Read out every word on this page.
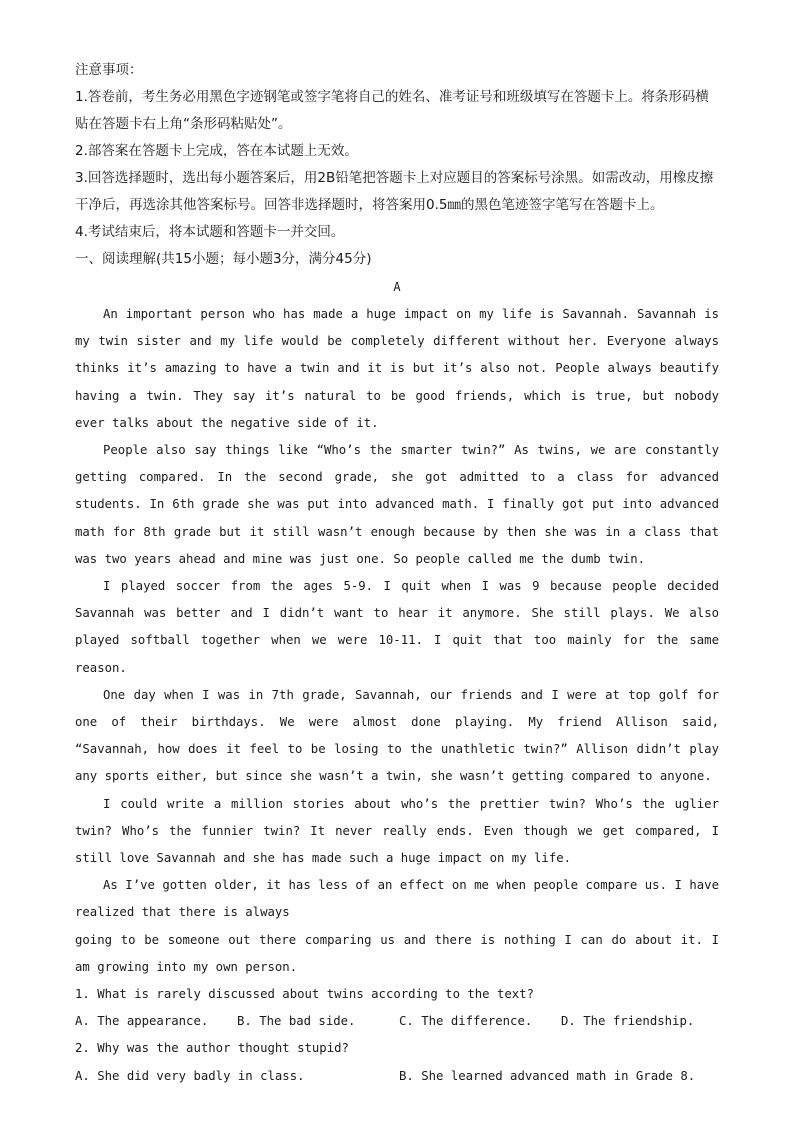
注意事项：

1.答卷前，考生务必用黑色字迹钢笔或签字笔将自己的姓名、准考证号和班级填写在答题卡上。将条形码横贴在答题卡右上角“条形码粘贴处”。

2.部答案在答题卡上完成，答在本试题上无效。

3.回答选择题时，选出每小题答案后，用2B铅笔把答题卡上对应题目的答案标号涂黑。如需改动，用橡皮擦干净后，再选涂其他答案标号。回答非选择题时，将答案用0.5㎜的黑色笔迹签字笔写在答题卡上。

4.考试结束后，将本试题和答题卡一并交回。

一、阅读理解(共15小题；每小题3分，满分45分)

A

An important person who has made a huge impact on my life is Savannah. Savannah is my twin sister and my life would be completely different without her. Everyone always thinks it’s amazing to have a twin and it is but it’s also not. People always beautify having a twin. They say it’s natural to be good friends, which is true, but nobody ever talks about the negative side of it.

People also say things like “Who’s the smarter twin?” As twins, we are constantly getting compared. In the second grade, she got admitted to a class for advanced students. In 6th grade she was put into advanced math. I finally got put into advanced math for 8th grade but it still wasn’t enough because by then she was in a class that was two years ahead and mine was just one. So people called me the dumb twin.

I played soccer from the ages 5-9. I quit when I was 9 because people decided Savannah was better and I didn’t want to hear it anymore. She still plays. We also played softball together when we were 10-11. I quit that too mainly for the same reason.

One day when I was in 7th grade, Savannah, our friends and I were at top golf for one of their birthdays. We were almost done playing. My friend Allison said, “Savannah, how does it feel to be losing to the unathletic twin?” Allison didn’t play any sports either, but since she wasn’t a twin, she wasn’t getting compared to anyone.

I could write a million stories about who’s the prettier twin? Who’s the uglier twin? Who’s the funnier twin? It never really ends. Even though we get compared, I still love Savannah and she has made such a huge impact on my life.

As I’ve gotten older, it has less of an effect on me when people compare us. I have realized that there is always

going to be someone out there comparing us and there is nothing I can do about it. I am growing into my own person.

1. What is rarely discussed about twins according to the text?

A. The appearance.	B. The bad side.	C. The difference.	D. The friendship.

2. Why was the author thought stupid?

A. She did very badly in class.	B. She learned advanced math in Grade 8.
